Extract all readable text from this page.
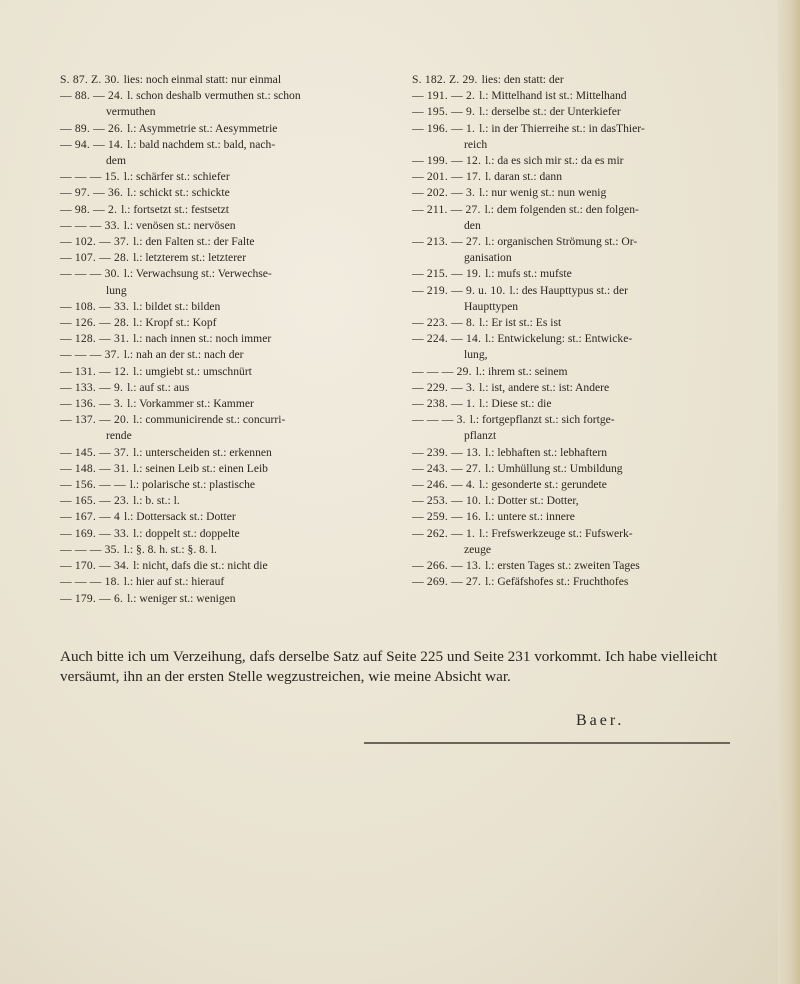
S. 87. Z. 30. lies: noch einmal statt: nur einmal
— 88. — 24. l. schon deshalb vermuthen st.: schon
vermuthen
— 89. — 26. l.: Asymmetrie st.: Aesymmetrie
— 94. — 14. l.: bald nachdem st.: bald, nach-
dem
— — — 15. l.: schärfer st.: schiefer
— 97. — 36. l.: schickt st.: schickte
— 98. — 2. l.: fortsetzt st.: festsetzt
— — — 33. l.: venösen st.: nervösen
— 102. — 37. l.: den Falten st.: der Falte
— 107. — 28. l.: letzterem st.: letzterer
— — — 30. l.: Verwachsung st.: Verwechse-
lung
— 108. — 33. l.: bildet st.: bilden
— 126. — 28. l.: Kropf st.: Kopf
— 128. — 31. l.: nach innen st.: noch immer
— — — 37. l.: nah an der st.: nach der
— 131. — 12. l.: umgiebt st.: umschnürt
— 133. — 9. l.: auf st.: aus
— 136. — 3. l.: Vorkammer st.: Kammer
— 137. — 20. l.: communicirende st.: concurri-
rende
— 145. — 37. l.: unterscheiden st.: erkennen
— 148. — 31. l.: seinen Leib st.: einen Leib
— 156. — — l.: polarische st.: plastische
— 165. — 23. l.: b. st.: l.
— 167. — 4 l.: Dottersack st.: Dotter
— 169. — 33. l.: doppelt st.: doppelte
— — — 35. l.: §. 8. h. st.: §. 8. l.
— 170. — 34. l: nicht, dafs die st.: nicht die
— — — 18. l.: hier auf st.: hierauf
— 179. — 6. l.: weniger st.: wenigen
S. 182. Z. 29. lies: den statt: der
— 191. — 2. l.: Mittelhand ist st.: Mittelhand
— 195. — 9. l.: derselbe st.: der Unterkiefer
— 196. — 1. l.: in der Thierreihe st.: in dasThier-
reich
— 199. — 12. l.: da es sich mir st.: da es mir
— 201. — 17. l. daran st.: dann
— 202. — 3. l.: nur wenig st.: nun wenig
— 211. — 27. l.: dem folgenden st.: den folgen-
den
— 213. — 27. l.: organischen Strömung st.: Or-
ganisation
— 215. — 19. l.: mufs st.: mufste
— 219. — 9. u. 10. l.: des Haupttypus st.: der
Haupttypen
— 223. — 8. l.: Er ist st.: Es ist
— 224. — 14. l.: Entwickelung: st.: Entwicke-
lung,
— — — 29. l.: ihrem st.: seinem
— 229. — 3. l.: ist, andere st.: ist: Andere
— 238. — 1. l.: Diese st.: die
— — — 3. l.: fortgepflanzt st.: sich fortge-
pflanzt
— 239. — 13. l.: lebhaften st.: lebhaftern
— 243. — 27. l.: Umhüllung st.: Umbildung
— 246. — 4. l.: gesonderte st.: gerundete
— 253. — 10. l.: Dotter st.: Dotter,
— 259. — 16. l.: untere st.: innere
— 262. — 1. l.: Frefswerkzeuge st.: Fufswerk-
zeuge
— 266. — 13. l.: ersten Tages st.: zweiten Tages
— 269. — 27. l.: Gefäfshofes st.: Fruchthofes
Auch bitte ich um Verzeihung, dafs derselbe Satz auf Seite 225 und Seite 231 vorkommt. Ich habe vielleicht versäumt, ihn an der ersten Stelle wegzustreichen, wie meine Absicht war.
Baer.
